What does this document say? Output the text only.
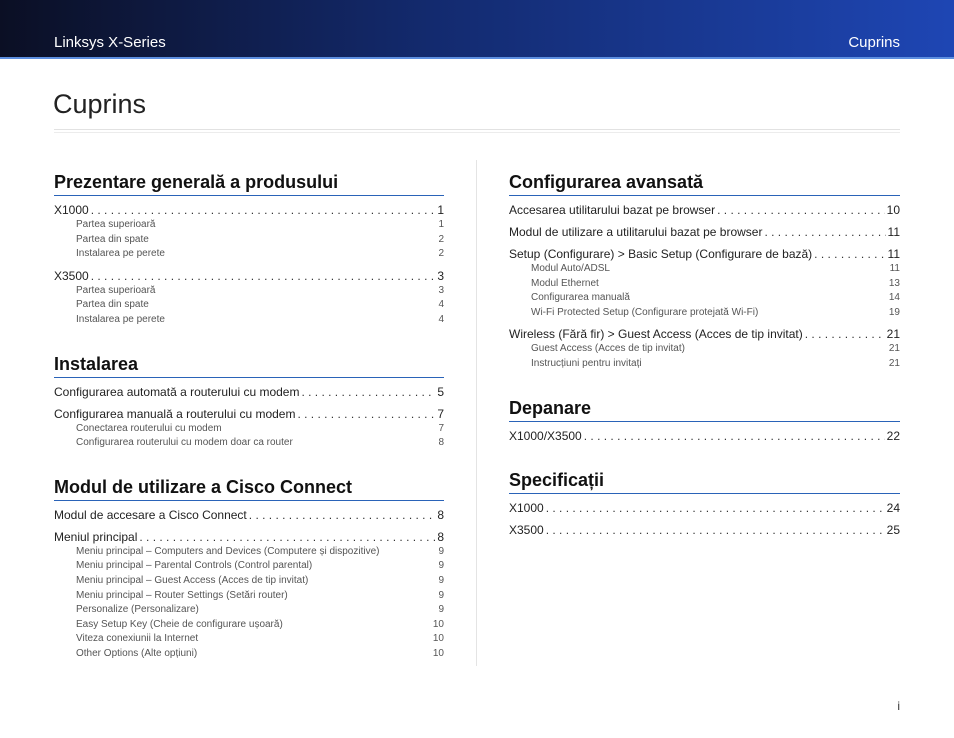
Linksys X-Series	Cuprins
Cuprins
Prezentare generală a produsului
X1000 . . .	1
Partea superioară	1
Partea din spate	2
Instalarea pe perete	2
X3500 . . .	3
Partea superioară	3
Partea din spate	4
Instalarea pe perete	4
Instalarea
Configurarea automată a routerului cu modem . . .	5
Configurarea manuală a routerului cu modem . . .	7
Conectarea routerului cu modem	7
Configurarea routerului cu modem doar ca router	8
Modul de utilizare a Cisco Connect
Modul de accesare a Cisco Connect . . .	8
Meniul principal . . .	8
Meniu principal – Computers and Devices (Computere și dispozitive)	9
Meniu principal – Parental Controls (Control parental)	9
Meniu principal – Guest Access (Acces de tip invitat)	9
Meniu principal – Router Settings (Setări router)	9
Personalize (Personalizare)	9
Easy Setup Key (Cheie de configurare ușoară)	10
Viteza conexiunii la Internet	10
Other Options (Alte opțiuni)	10
Configurarea avansată
Accesarea utilitarului bazat pe browser . . .	10
Modul de utilizare a utilitarului bazat pe browser . . .	11
Setup (Configurare) > Basic Setup (Configurare de bază) . . .	11
Modul Auto/ADSL	11
Modul Ethernet	13
Configurarea manuală	14
Wi-Fi Protected Setup (Configurare protejată Wi-Fi)	19
Wireless (Fără fir) > Guest Access (Acces de tip invitat) . . .	21
Guest Access (Acces de tip invitat)	21
Instrucțiuni pentru invitați	21
Depanare
X1000/X3500 . . .	22
Specificații
X1000 . . .	24
X3500 . . .	25
i
